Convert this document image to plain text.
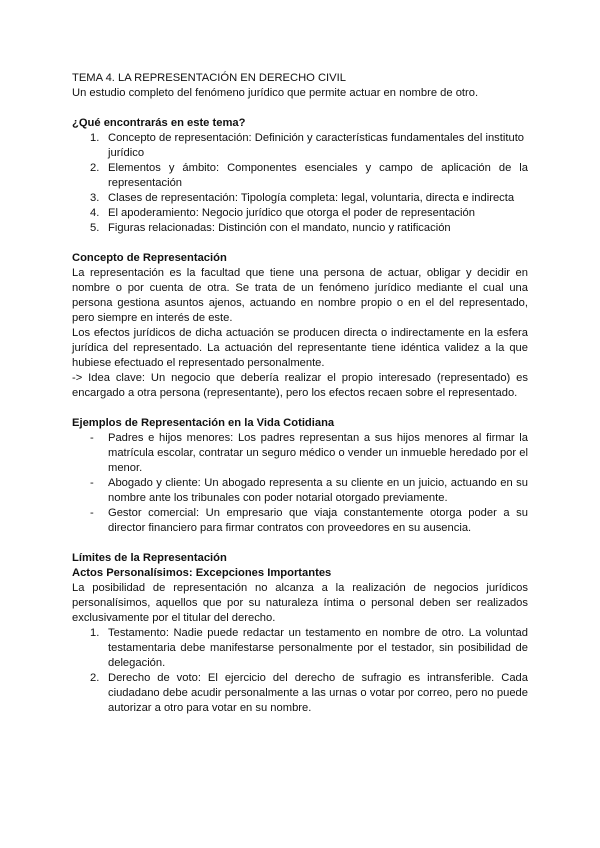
TEMA 4. LA REPRESENTACIÓN EN DERECHO CIVIL

Un estudio completo del fenómeno jurídico que permite actuar en nombre de otro.

¿Qué encontrarás en este tema?

1. Concepto de representación: Definición y características fundamentales del instituto jurídico
2. Elementos y ámbito: Componentes esenciales y campo de aplicación de la representación
3. Clases de representación: Tipología completa: legal, voluntaria, directa e indirecta
4. El apoderamiento: Negocio jurídico que otorga el poder de representación
5. Figuras relacionadas: Distinción con el mandato, nuncio y ratificación

Concepto de Representación

La representación es la facultad que tiene una persona de actuar, obligar y decidir en nombre o por cuenta de otra. Se trata de un fenómeno jurídico mediante el cual una persona gestiona asuntos ajenos, actuando en nombre propio o en el del representado, pero siempre en interés de este.

Los efectos jurídicos de dicha actuación se producen directa o indirectamente en la esfera jurídica del representado. La actuación del representante tiene idéntica validez a la que hubiese efectuado el representado personalmente.

-> Idea clave: Un negocio que debería realizar el propio interesado (representado) es encargado a otra persona (representante), pero los efectos recaen sobre el representado.

Ejemplos de Representación en la Vida Cotidiana

-	Padres e hijos menores: Los padres representan a sus hijos menores al firmar la matrícula escolar, contratar un seguro médico o vender un inmueble heredado por el menor.
-	Abogado y cliente: Un abogado representa a su cliente en un juicio, actuando en su nombre ante los tribunales con poder notarial otorgado previamente.
-	Gestor comercial: Un empresario que viaja constantemente otorga poder a su director financiero para firmar contratos con proveedores en su ausencia.

Límites de la Representación

Actos Personalísimos: Excepciones Importantes

La posibilidad de representación no alcanza a la realización de negocios jurídicos personalísimos, aquellos que por su naturaleza íntima o personal deben ser realizados exclusivamente por el titular del derecho.

1. Testamento: Nadie puede redactar un testamento en nombre de otro. La voluntad testamentaria debe manifestarse personalmente por el testador, sin posibilidad de delegación.
2. Derecho de voto: El ejercicio del derecho de sufragio es intransferible. Cada ciudadano debe acudir personalmente a las urnas o votar por correo, pero no puede autorizar a otro para votar en su nombre.
